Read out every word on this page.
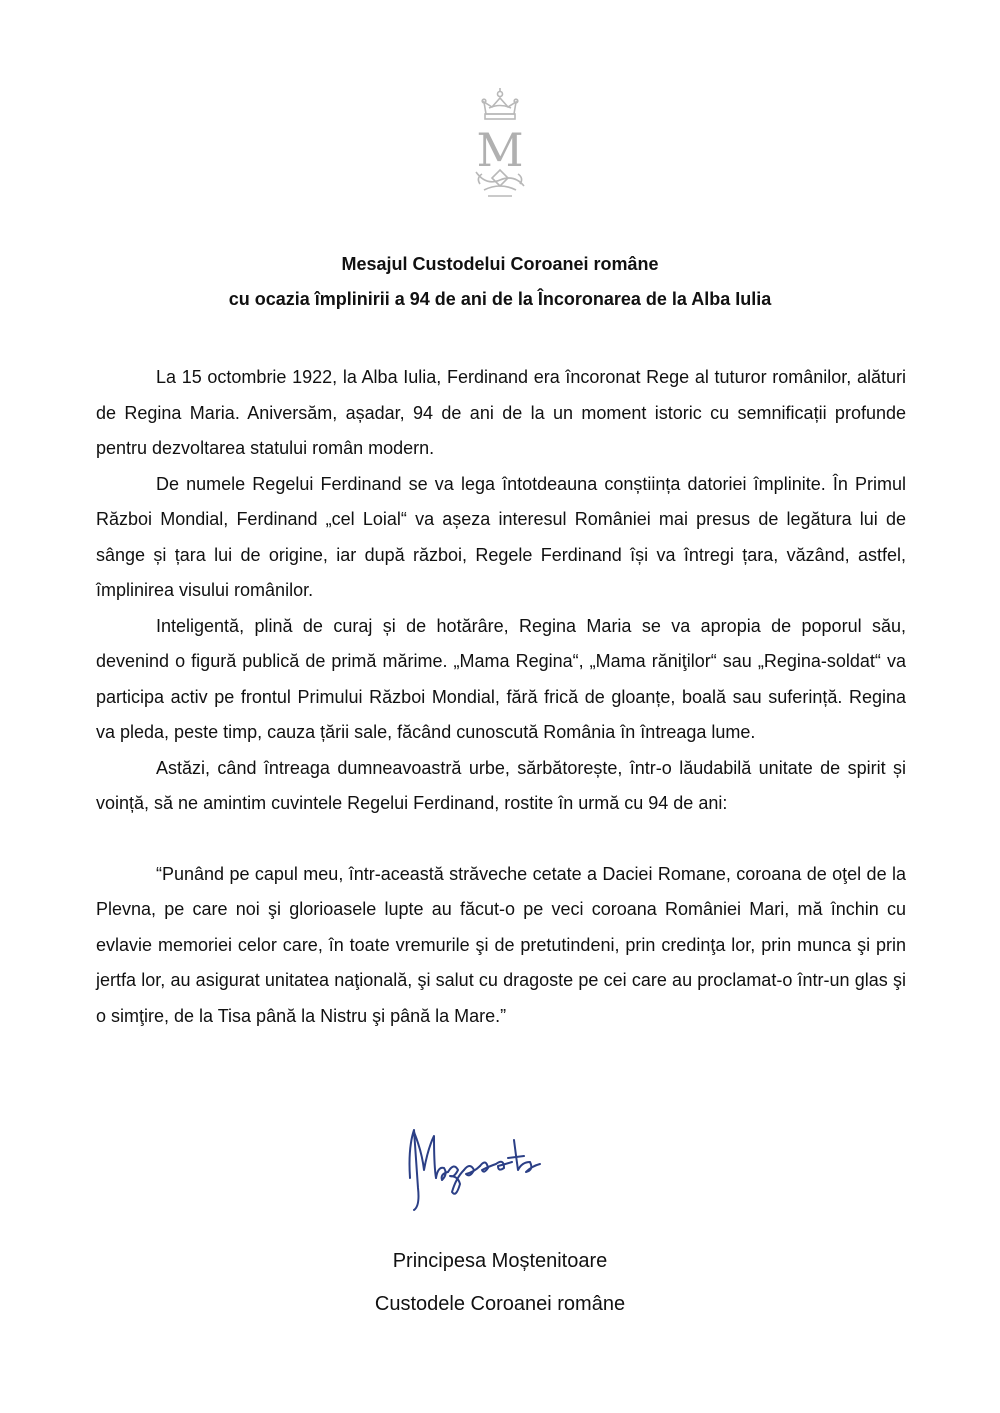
M
Mesajul Custodelui Coroanei române
cu ocazia împlinirii a 94 de ani de la Încoronarea de la Alba Iulia

La 15 octombrie 1922, la Alba Iulia, Ferdinand era încoronat Rege al tuturor românilor, alături de Regina Maria. Aniversăm, așadar, 94 de ani de la un moment istoric cu semnificații profunde pentru dezvoltarea statului român modern.

De numele Regelui Ferdinand se va lega întotdeauna conștiința datoriei împlinite. În Primul Război Mondial, Ferdinand „cel Loial“ va așeza interesul României mai presus de legătura lui de sânge și țara lui de origine, iar după război, Regele Ferdinand își va întregi țara, văzând, astfel, împlinirea visului românilor.

Inteligentă, plină de curaj și de hotărâre, Regina Maria se va apropia de poporul său, devenind o figură publică de primă mărime. „Mama Regina“, „Mama răniţilor“ sau „Regina-soldat“ va participa activ pe frontul Primului Război Mondial, fără frică de gloanțe, boală sau suferință. Regina va pleda, peste timp, cauza țării sale, făcând cunoscută România în întreaga lume.

Astăzi, când întreaga dumneavoastră urbe, sărbătorește, într-o lăudabilă unitate de spirit și voință, să ne amintim cuvintele Regelui Ferdinand, rostite în urmă cu 94 de ani:

“Punând pe capul meu, într-această străveche cetate a Daciei Romane, coroana de oţel de la Plevna, pe care noi şi glorioasele lupte au făcut-o pe veci coroana României Mari, mă închin cu evlavie memoriei celor care, în toate vremurile şi de pretutindeni, prin credinţa lor, prin munca şi prin jertfa lor, au asigurat unitatea naţională, şi salut cu dragoste pe cei care au proclamat-o într-un glas şi o simţire, de la Tisa până la Nistru şi până la Mare.”

Principesa Moștenitoare
Custodele Coroanei române
